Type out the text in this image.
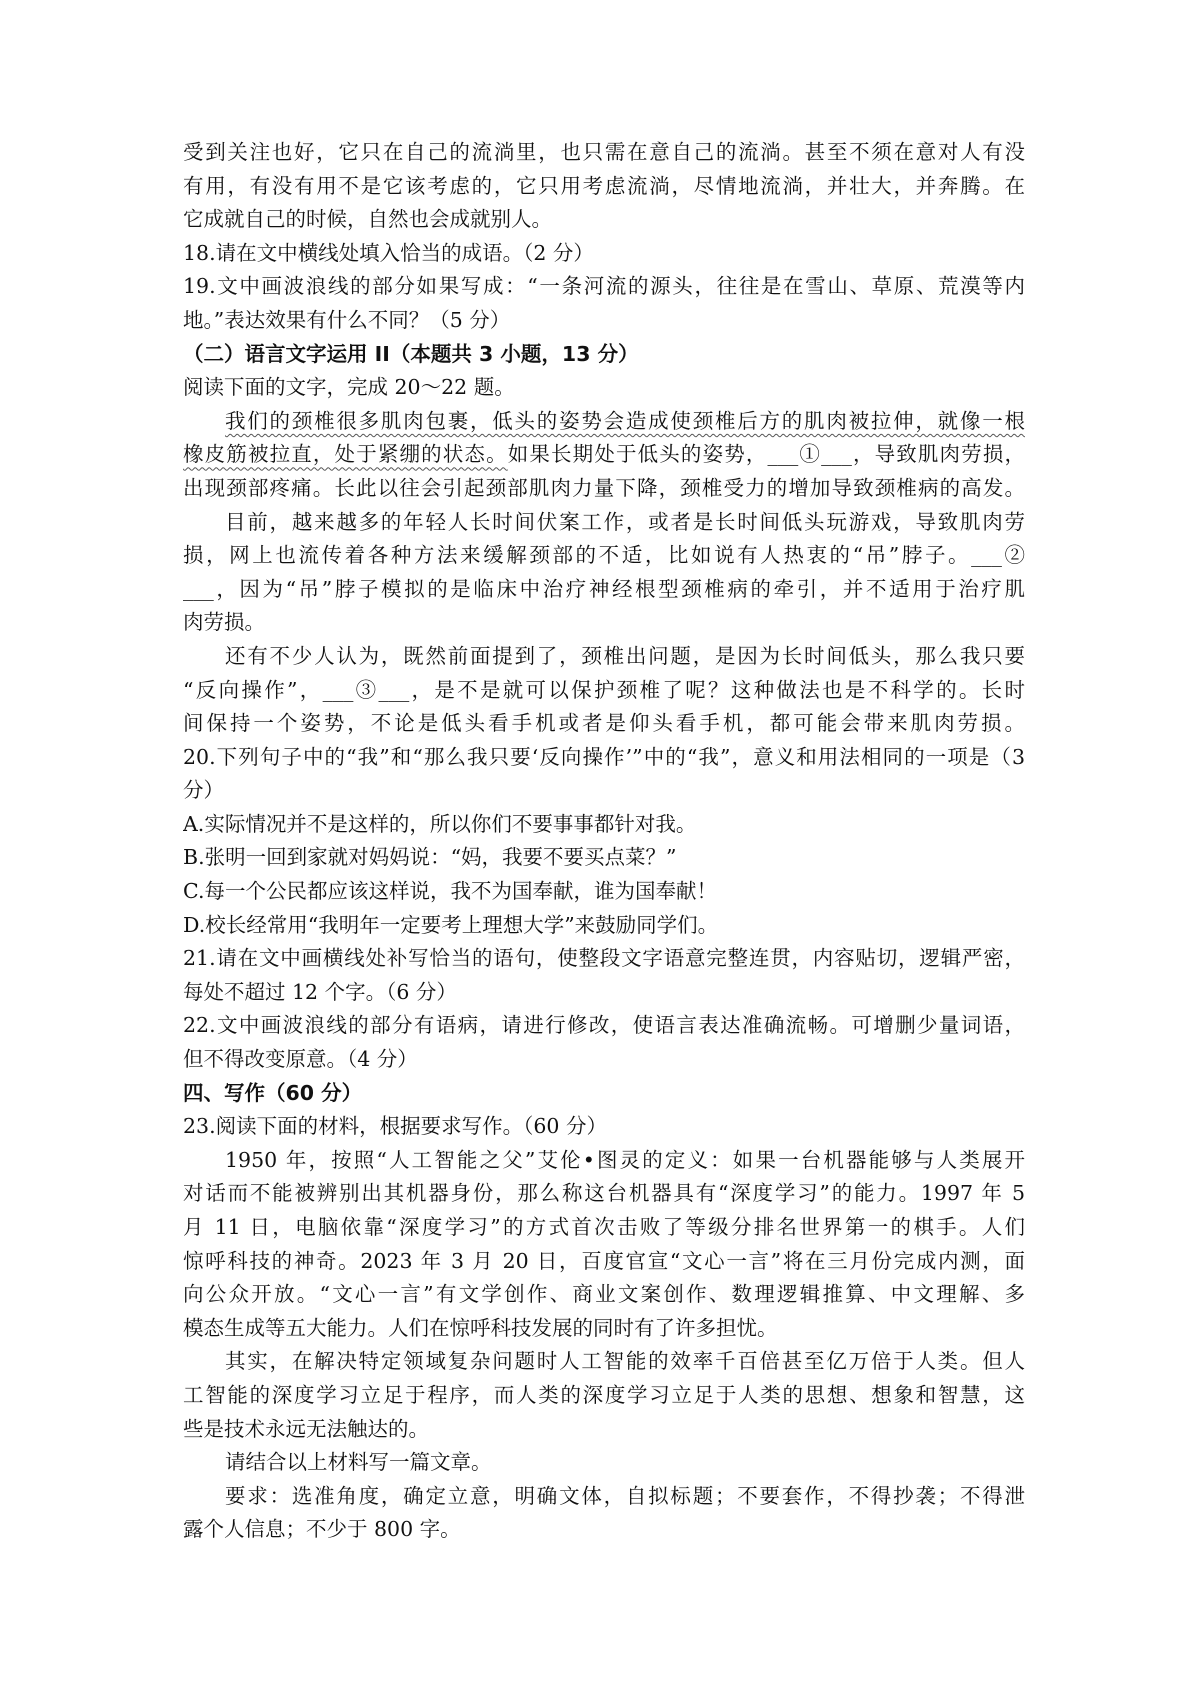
受到关注也好，它只在自己的流淌里，也只需在意自己的流淌。甚至不须在意对人有没
有用，有没有用不是它该考虑的，它只用考虑流淌，尽情地流淌，并壮大，并奔腾。在
它成就自己的时候，自然也会成就别人。
18.请在文中横线处填入恰当的成语。（2 分）
19.文中画波浪线的部分如果写成：“一条河流的源头，往往是在雪山、草原、荒漠等内
地。”表达效果有什么不同？（5 分）
（二）语言文字运用 II（本题共 3 小题，13 分）
阅读下面的文字，完成 20～22 题。
我们的颈椎很多肌肉包裹，低头的姿势会造成使颈椎后方的肌肉被拉伸，就像一根
橡皮筋被拉直，处于紧绷的状态。如果长期处于低头的姿势，___①___，导致肌肉劳损，
出现颈部疼痛。长此以往会引起颈部肌肉力量下降，颈椎受力的增加导致颈椎病的高发。
目前，越来越多的年轻人长时间伏案工作，或者是长时间低头玩游戏，导致肌肉劳
损，网上也流传着各种方法来缓解颈部的不适，比如说有人热衷的“吊”脖子。___②
___，因为“吊”脖子模拟的是临床中治疗神经根型颈椎病的牵引，并不适用于治疗肌
肉劳损。
还有不少人认为，既然前面提到了，颈椎出问题，是因为长时间低头，那么我只要
“反向操作”，___③___，是不是就可以保护颈椎了呢？这种做法也是不科学的。长时
间保持一个姿势，不论是低头看手机或者是仰头看手机，都可能会带来肌肉劳损。
20.下列句子中的“我”和“那么我只要‘反向操作’”中的“我”，意义和用法相同的一项是（3
分）
A.实际情况并不是这样的，所以你们不要事事都针对我。
B.张明一回到家就对妈妈说：“妈，我要不要买点菜？”
C.每一个公民都应该这样说，我不为国奉献，谁为国奉献！
D.校长经常用“我明年一定要考上理想大学”来鼓励同学们。
21.请在文中画横线处补写恰当的语句，使整段文字语意完整连贯，内容贴切，逻辑严密，
每处不超过 12 个字。（6 分）
22.文中画波浪线的部分有语病，请进行修改，使语言表达准确流畅。可增删少量词语，
但不得改变原意。（4 分）
四、写作（60 分）
23.阅读下面的材料，根据要求写作。（60 分）
1950 年，按照“人工智能之父”艾伦•图灵的定义：如果一台机器能够与人类展开
对话而不能被辨别出其机器身份，那么称这台机器具有“深度学习”的能力。1997 年 5
月 11 日，电脑依靠“深度学习”的方式首次击败了等级分排名世界第一的棋手。人们
惊呼科技的神奇。2023 年 3 月 20 日，百度官宣“文心一言”将在三月份完成内测，面
向公众开放。“文心一言”有文学创作、商业文案创作、数理逻辑推算、中文理解、多
模态生成等五大能力。人们在惊呼科技发展的同时有了许多担忧。
其实，在解决特定领域复杂问题时人工智能的效率千百倍甚至亿万倍于人类。但人
工智能的深度学习立足于程序，而人类的深度学习立足于人类的思想、想象和智慧，这
些是技术永远无法触达的。
请结合以上材料写一篇文章。
要求：选准角度，确定立意，明确文体，自拟标题；不要套作，不得抄袭；不得泄
露个人信息；不少于 800 字。
